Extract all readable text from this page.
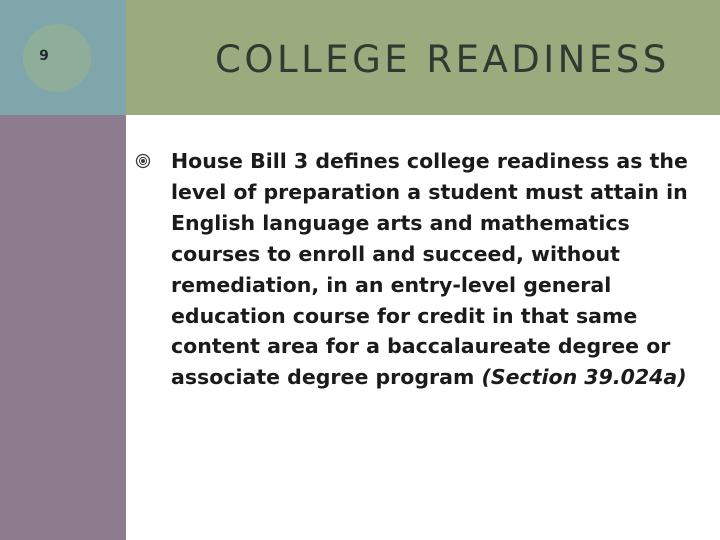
9	COLLEGE READINESS
House Bill 3 defines college readiness as the level of preparation a student must attain in English language arts and mathematics courses to enroll and succeed, without remediation, in an entry-level general education course for credit in that same content area for a baccalaureate degree or associate degree program (Section 39.024a)
